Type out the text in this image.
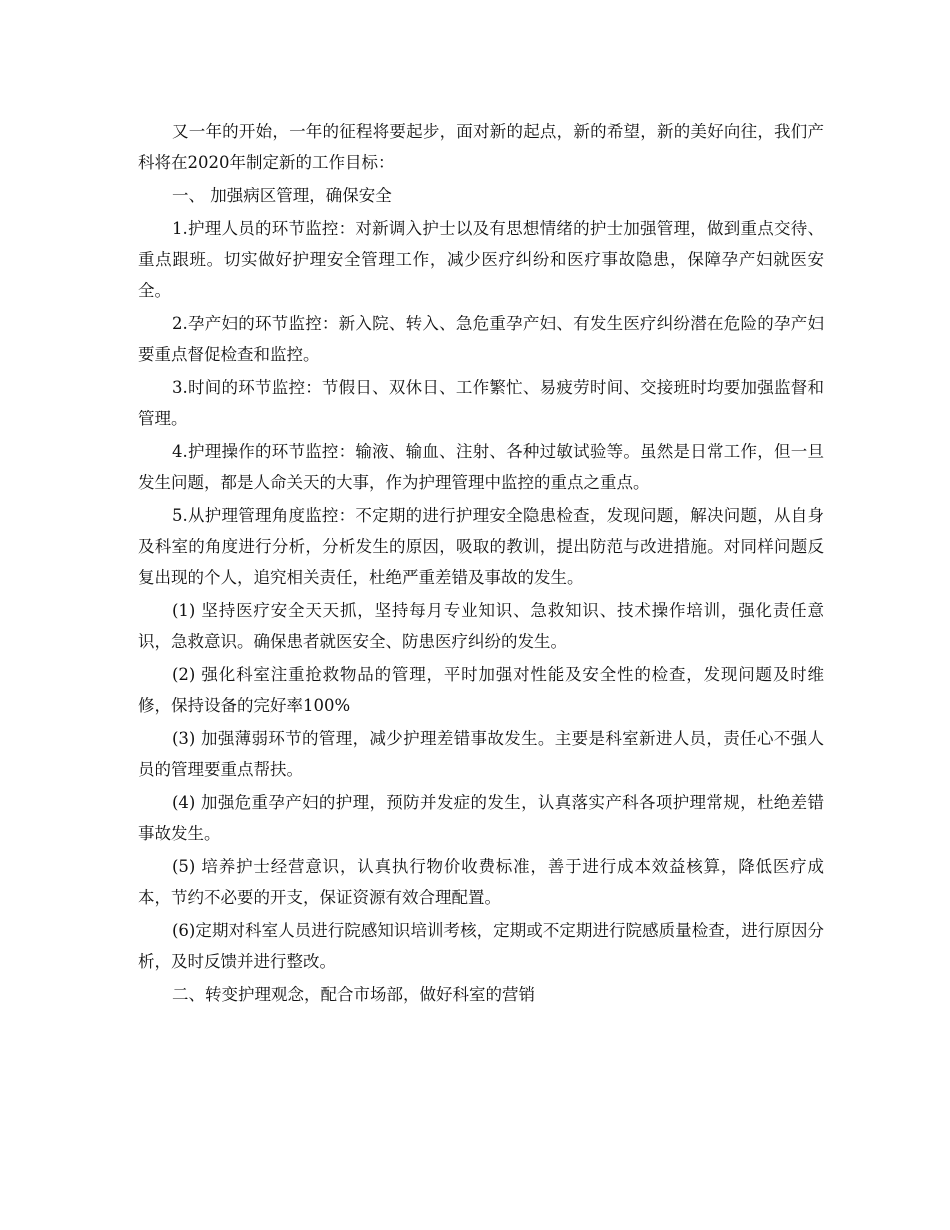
又一年的开始，一年的征程将要起步，面对新的起点，新的希望，新的美好向往，我们产科将在2020年制定新的工作目标：

一、 加强病区管理，确保安全

1.护理人员的环节监控：对新调入护士以及有思想情绪的护士加强管理，做到重点交待、重点跟班。切实做好护理安全管理工作，减少医疗纠纷和医疗事故隐患，保障孕产妇就医安全。

2.孕产妇的环节监控：新入院、转入、急危重孕产妇、有发生医疗纠纷潜在危险的孕产妇要重点督促检查和监控。

3.时间的环节监控：节假日、双休日、工作繁忙、易疲劳时间、交接班时均要加强监督和管理。

4.护理操作的环节监控：输液、输血、注射、各种过敏试验等。虽然是日常工作，但一旦发生问题，都是人命关天的大事，作为护理管理中监控的重点之重点。

5.从护理管理角度监控：不定期的进行护理安全隐患检查，发现问题，解决问题，从自身及科室的角度进行分析，分析发生的原因，吸取的教训，提出防范与改进措施。对同样问题反复出现的个人，追究相关责任，杜绝严重差错及事故的发生。

(1) 坚持医疗安全天天抓，坚持每月专业知识、急救知识、技术操作培训，强化责任意识，急救意识。确保患者就医安全、防患医疗纠纷的发生。

(2) 强化科室注重抢救物品的管理，平时加强对性能及安全性的检查，发现问题及时维修，保持设备的完好率100%

(3) 加强薄弱环节的管理，减少护理差错事故发生。主要是科室新进人员，责任心不强人员的管理要重点帮扶。

(4) 加强危重孕产妇的护理，预防并发症的发生，认真落实产科各项护理常规，杜绝差错事故发生。

(5) 培养护士经营意识，认真执行物价收费标准，善于进行成本效益核算，降低医疗成本，节约不必要的开支，保证资源有效合理配置。

(6)定期对科室人员进行院感知识培训考核，定期或不定期进行院感质量检查，进行原因分析，及时反馈并进行整改。

二、转变护理观念，配合市场部，做好科室的营销
